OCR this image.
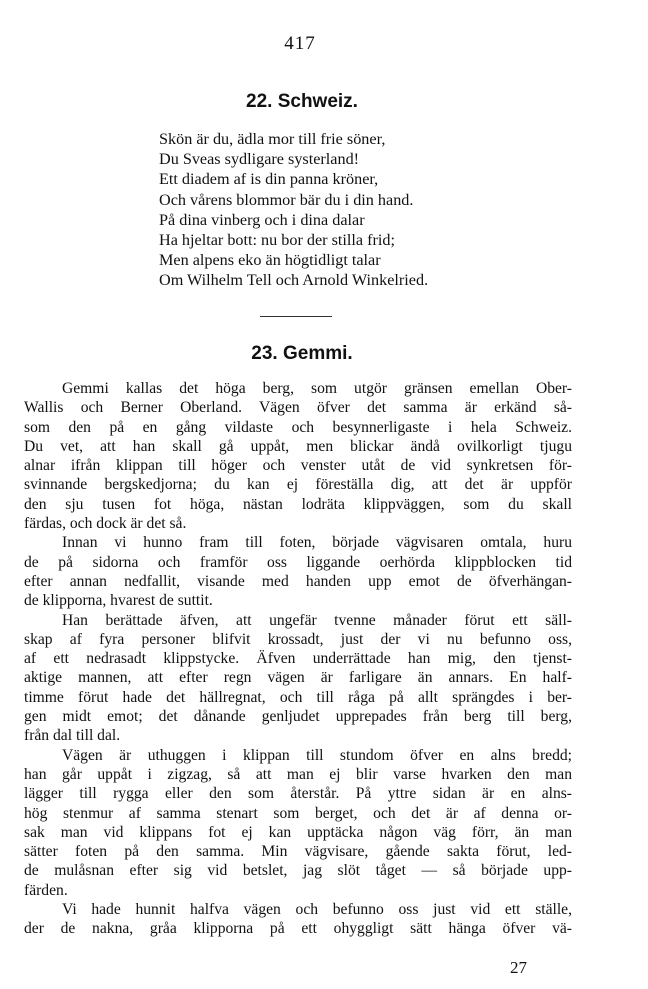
417
22. Schweiz.
Skön är du, ädla mor till frie söner,
Du Sveas sydligare systerland!
Ett diadem af is din panna kröner,
Och vårens blommor bär du i din hand.
På dina vinberg och i dina dalar
Ha hjeltar bott: nu bor der stilla frid;
Men alpens eko än högtidligt talar
Om Wilhelm Tell och Arnold Winkelried.
23. Gemmi.
Gemmi kallas det höga berg, som utgör gränsen emellan Ober-
Wallis och Berner Oberland. Vägen öfver det samma är erkänd så-
som den på en gång vildaste och besynnerligaste i hela Schweiz.
Du vet, att han skall gå uppåt, men blickar ändå ovilkorligt tjugu
alnar ifrån klippan till höger och venster utåt de vid synkretsen för-
svinnande bergskedjorna; du kan ej föreställa dig, att det är uppför
den sju tusen fot höga, nästan lodräta klippväggen, som du skall
färdas, och dock är det så.
Innan vi hunno fram till foten, började vägvisaren omtala, huru
de på sidorna och framför oss liggande oerhörda klippblocken tid
efter annan nedfallit, visande med handen upp emot de öfverhängan-
de klipporna, hvarest de suttit.
Han berättade äfven, att ungefär tvenne månader förut ett säll-
skap af fyra personer blifvit krossadt, just der vi nu befunno oss,
af ett nedrasadt klippstycke. Äfven underrättade han mig, den tjenst-
aktige mannen, att efter regn vägen är farligare än annars. En half-
timme förut hade det hällregnat, och till råga på allt sprängdes i ber-
gen midt emot; det dånande genljudet upprepades från berg till berg,
från dal till dal.
Vägen är uthuggen i klippan till stundom öfver en alns bredd;
han går uppåt i zigzag, så att man ej blir varse hvarken den man
lägger till rygga eller den som återstår. På yttre sidan är en alns-
hög stenmur af samma stenart som berget, och det är af denna or-
sak man vid klippans fot ej kan upptäcka någon väg förr, än man
sätter foten på den samma. Min vägvisare, gående sakta förut, led-
de mulåsnan efter sig vid betslet, jag slöt tåget — så började upp-
färden.
Vi hade hunnit halfva vägen och befunno oss just vid ett ställe,
der de nakna, gråa klipporna på ett ohyggligt sätt hänga öfver vä-
27
